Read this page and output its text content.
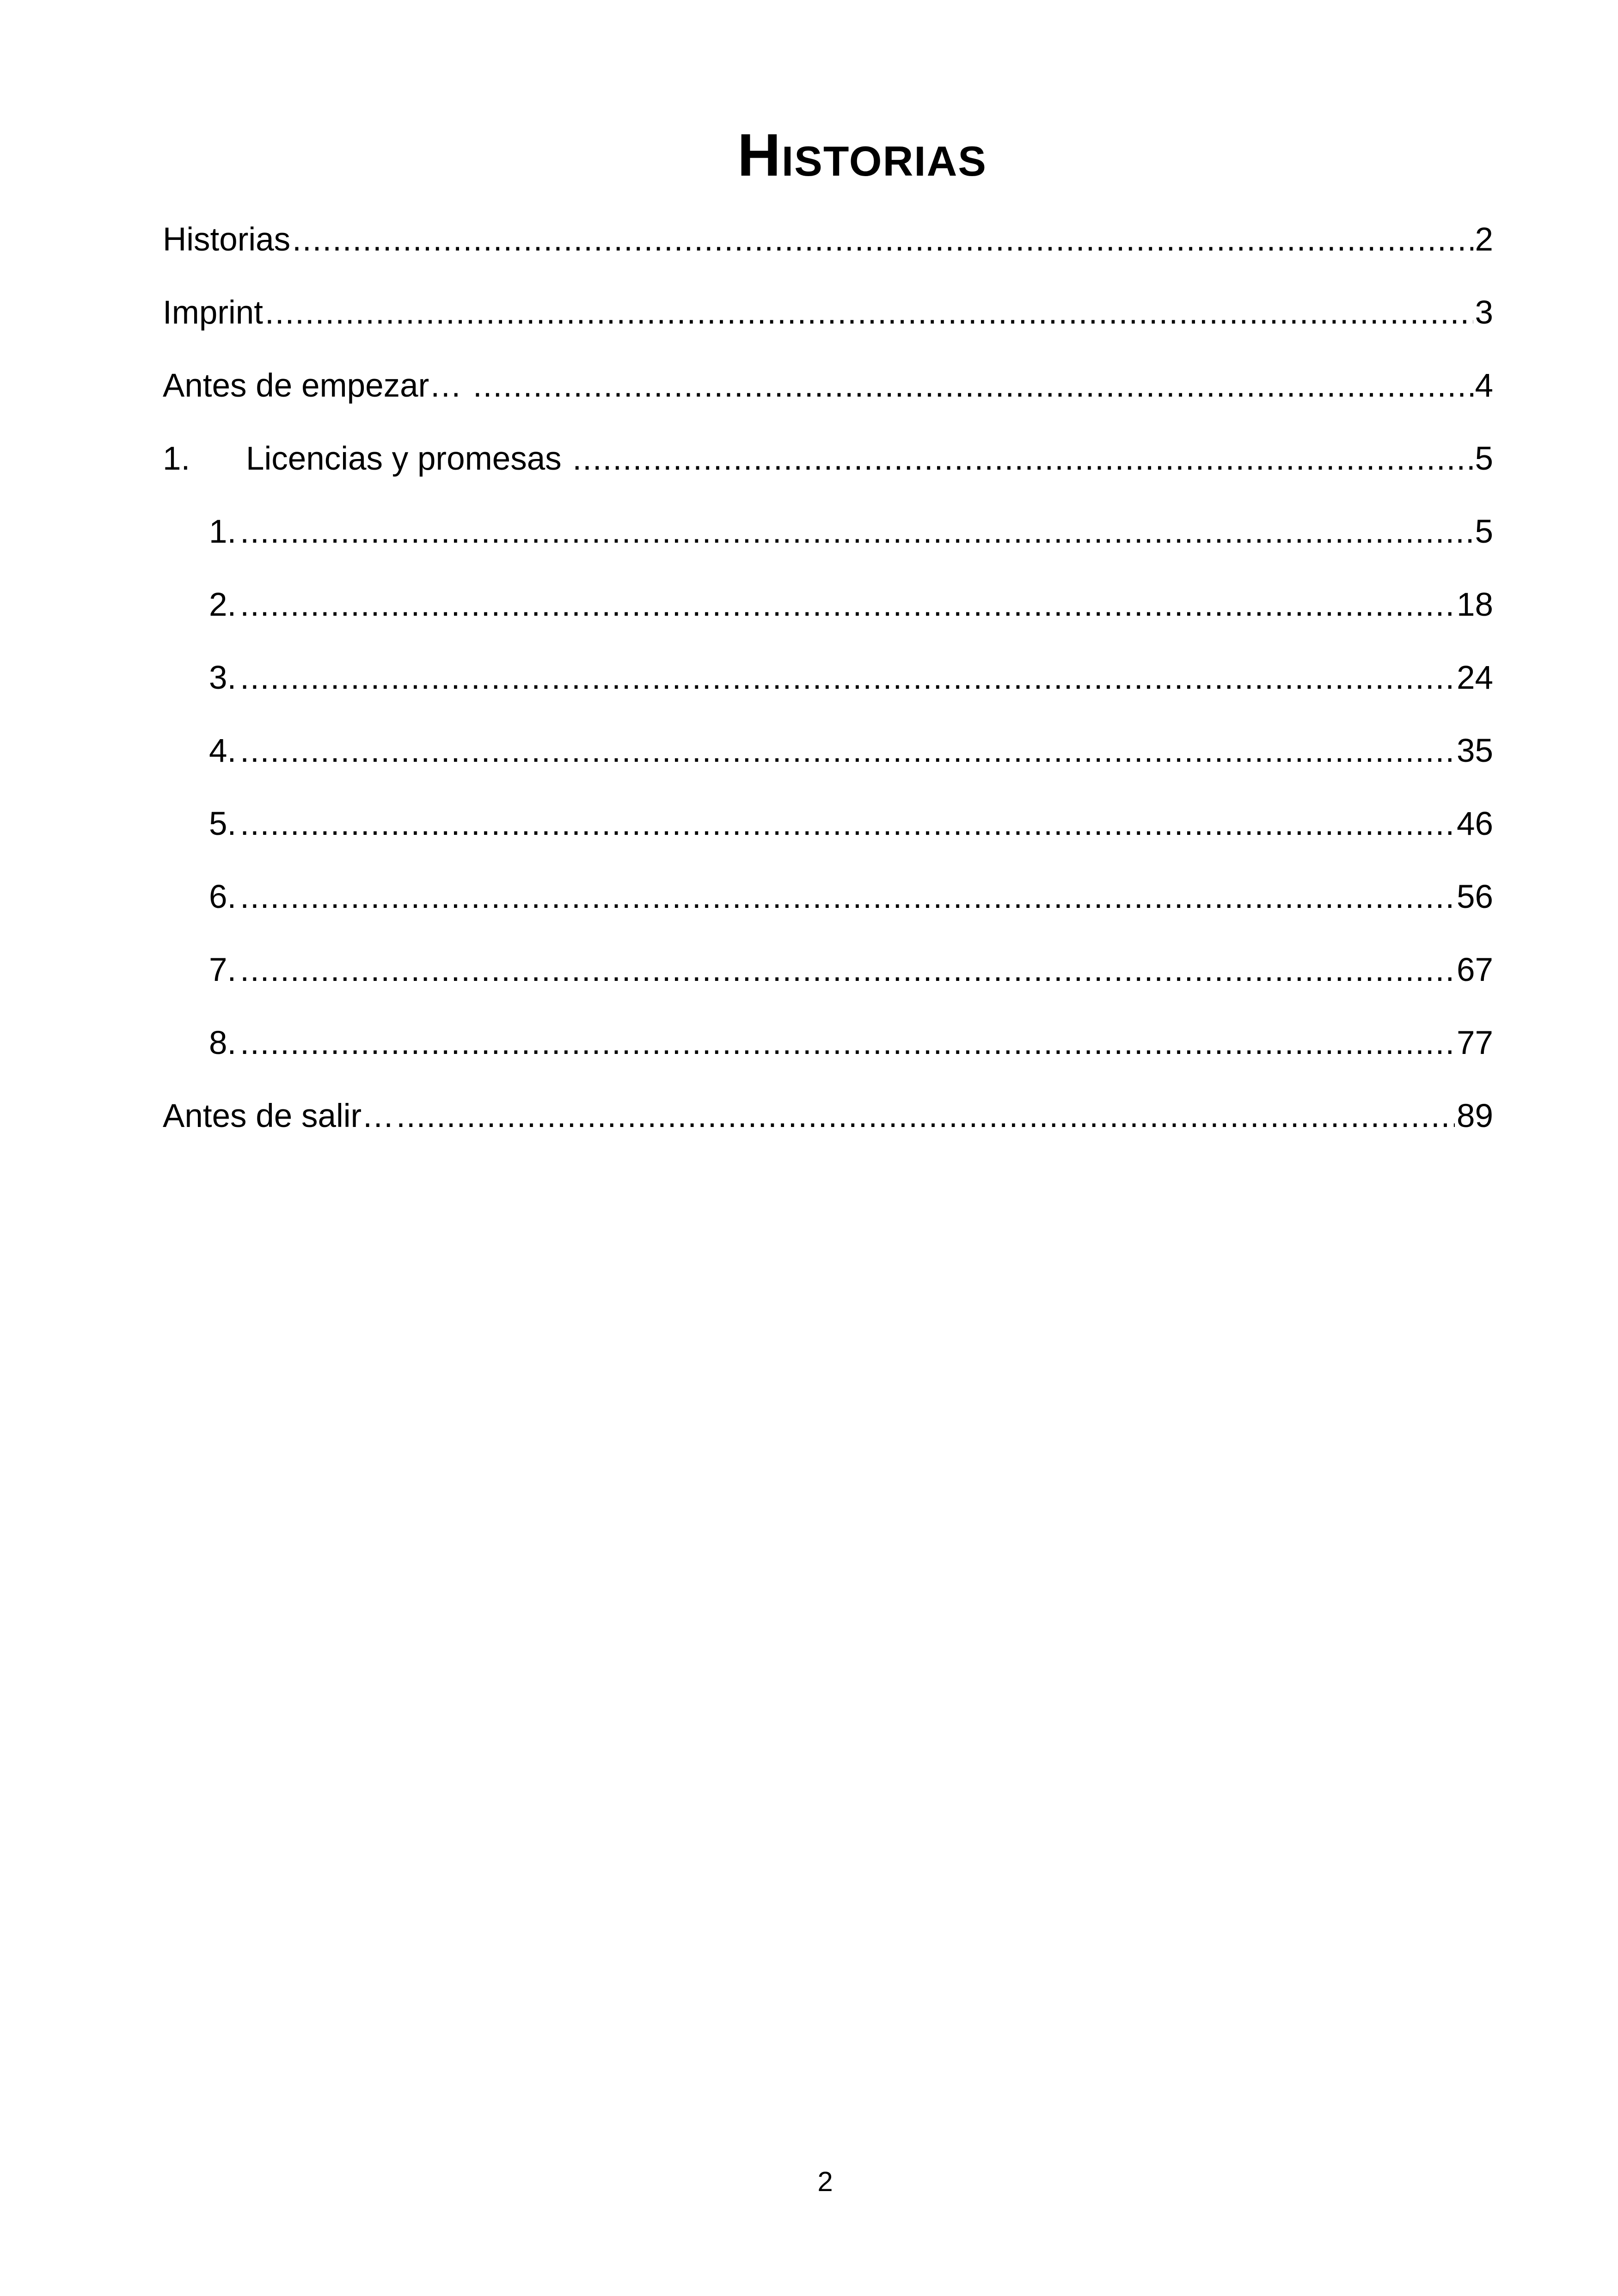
Historias
Historias .....	2
Imprint .....	3
Antes de empezar… .....	4
1.	Licencias y promesas .....	5
1. .....	5
2. .....	18
3. .....	24
4. .....	35
5. .....	46
6. .....	56
7. .....	67
8. .....	77
Antes de salir… .....	89
2
